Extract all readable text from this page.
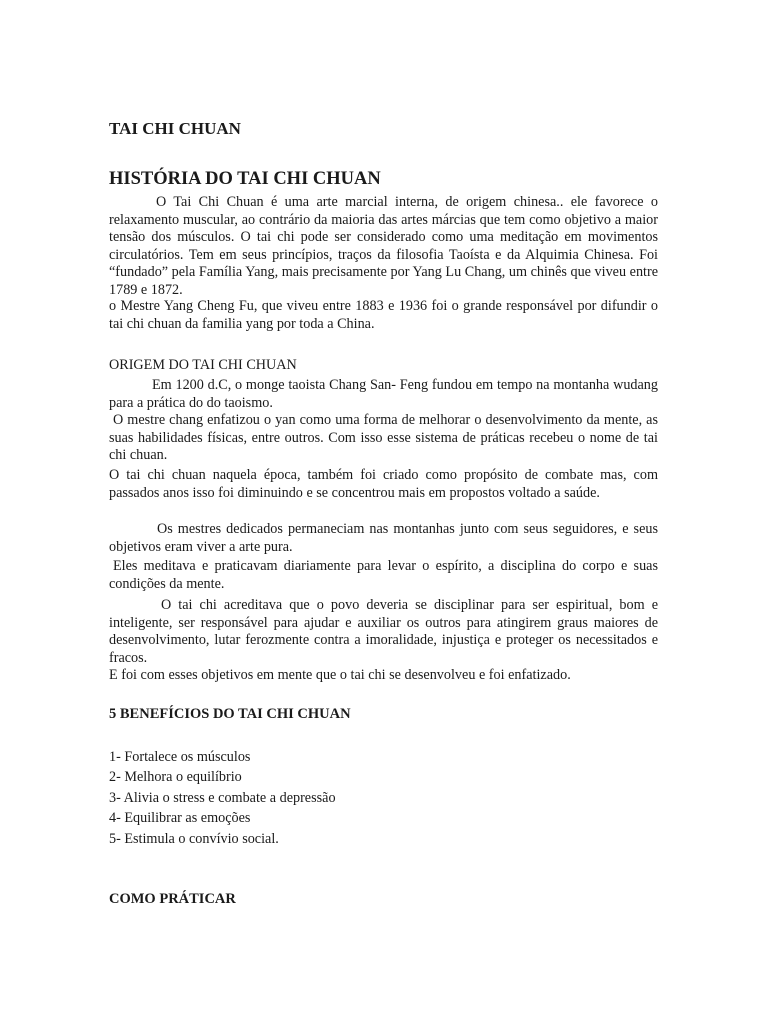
TAI CHI CHUAN
HISTÓRIA DO TAI CHI CHUAN

O Tai Chi Chuan é uma arte marcial interna, de origem chinesa.. ele favorece o relaxamento muscular, ao contrário da maioria das artes márcias que tem como objetivo a maior tensão dos músculos. O tai chi pode ser considerado como uma meditação em movimentos circulatórios. Tem em seus princípios, traços da filosofia Taoísta e da Alquimia Chinesa. Foi “fundado” pela Família Yang, mais precisamente por Yang Lu Chang, um chinês que viveu entre 1789 e 1872.

o Mestre Yang Cheng Fu, que viveu entre 1883 e 1936 foi o grande responsável por difundir o tai chi chuan da familia yang por toda a China.

ORIGEM DO TAI CHI CHUAN

Em 1200 d.C, o monge taoista Chang San- Feng fundou em tempo na montanha wudang para a prática do do taoismo.

O mestre chang enfatizou o yan como uma forma de melhorar o desenvolvimento da mente, as suas habilidades físicas, entre outros. Com isso esse sistema de práticas recebeu o nome de tai chi chuan.

O tai chi chuan naquela época, também foi criado como propósito de combate mas, com passados anos isso foi diminuindo e se concentrou mais em propostos voltado a saúde.

Os mestres dedicados permaneciam nas montanhas junto com seus seguidores, e seus objetivos eram viver a arte pura.

Eles meditava e praticavam diariamente para levar o espírito, a disciplina do corpo e suas condições da mente.

O tai chi acreditava que o povo deveria se disciplinar para ser espiritual, bom e inteligente, ser responsável para ajudar e auxiliar os outros para atingirem graus maiores de desenvolvimento, lutar ferozmente contra a imoralidade, injustiça e proteger os necessitados e fracos.

E foi com esses objetivos em mente que o tai chi se desenvolveu e foi enfatizado.

5 BENEFÍCIOS DO TAI CHI CHUAN
1- Fortalece os músculos
2- Melhora o equilíbrio
3- Alivia o stress e combate a depressão
4- Equilibrar as emoções
5- Estimula o convívio social.
COMO PRÁTICAR
